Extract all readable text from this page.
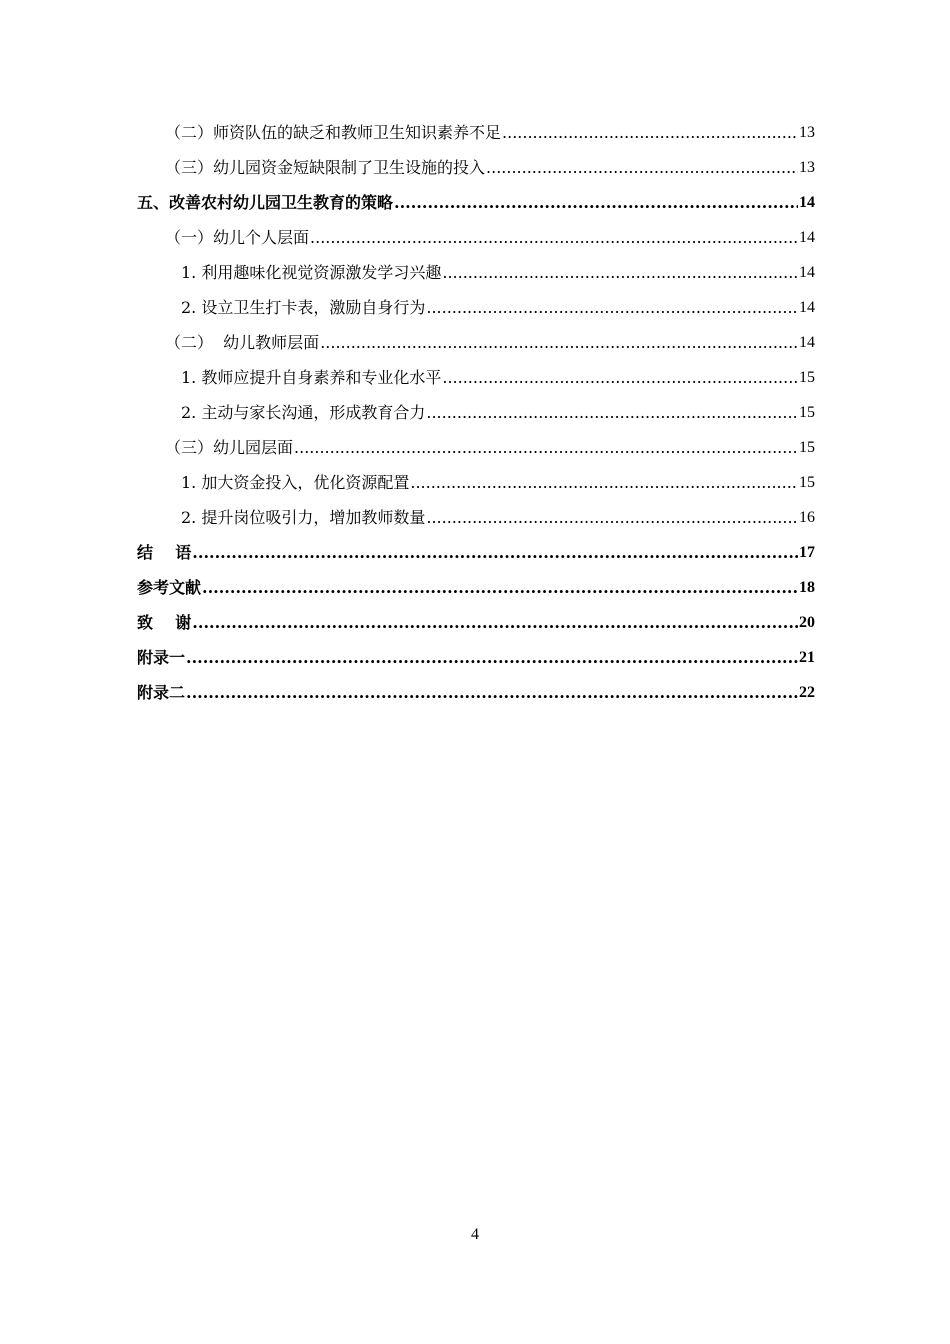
（二）师资队伍的缺乏和教师卫生知识素养不足 .....	13
（三）幼儿园资金短缺限制了卫生设施的投入 .....	13
五、改善农村幼儿园卫生教育的策略 .....	14
（一）幼儿个人层面 .....	14
1. 利用趣味化视觉资源激发学习兴趣 .....	14
2. 设立卫生打卡表，激励自身行为 .....	14
（二）  幼儿教师层面 .....	14
1. 教师应提升自身素养和专业化水平 .....	15
2. 主动与家长沟通，形成教育合力 .....	15
（三）幼儿园层面 .....	15
1. 加大资金投入，优化资源配置 .....	15
2. 提升岗位吸引力，增加教师数量 .....	16
结    语 .....	17
参考文献 .....	18
致    谢 .....	20
附录一 .....	21
附录二 .....	22
4
